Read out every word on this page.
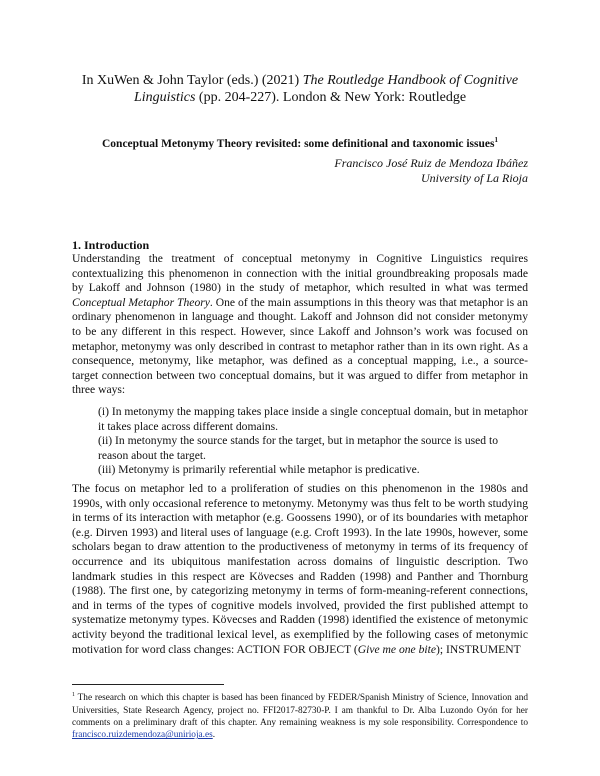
In XuWen & John Taylor (eds.) (2021) The Routledge Handbook of Cognitive Linguistics (pp. 204-227). London & New York: Routledge
Conceptual Metonymy Theory revisited: some definitional and taxonomic issues$^1$
Francisco José Ruiz de Mendoza Ibáñez
University of La Rioja
1. Introduction
Understanding the treatment of conceptual metonymy in Cognitive Linguistics requires contextualizing this phenomenon in connection with the initial groundbreaking proposals made by Lakoff and Johnson (1980) in the study of metaphor, which resulted in what was termed Conceptual Metaphor Theory. One of the main assumptions in this theory was that metaphor is an ordinary phenomenon in language and thought. Lakoff and Johnson did not consider metonymy to be any different in this respect. However, since Lakoff and Johnson’s work was focused on metaphor, metonymy was only described in contrast to metaphor rather than in its own right. As a consequence, metonymy, like metaphor, was defined as a conceptual mapping, i.e., a source-target connection between two conceptual domains, but it was argued to differ from metaphor in three ways:
(i) In metonymy the mapping takes place inside a single conceptual domain, but in metaphor it takes place across different domains.
(ii) In metonymy the source stands for the target, but in metaphor the source is used to reason about the target.
(iii) Metonymy is primarily referential while metaphor is predicative.
The focus on metaphor led to a proliferation of studies on this phenomenon in the 1980s and 1990s, with only occasional reference to metonymy. Metonymy was thus felt to be worth studying in terms of its interaction with metaphor (e.g. Goossens 1990), or of its boundaries with metaphor (e.g. Dirven 1993) and literal uses of language (e.g. Croft 1993). In the late 1990s, however, some scholars began to draw attention to the productiveness of metonymy in terms of its frequency of occurrence and its ubiquitous manifestation across domains of linguistic description. Two landmark studies in this respect are Kövecses and Radden (1998) and Panther and Thornburg (1988). The first one, by categorizing metonymy in terms of form-meaning-referent connections, and in terms of the types of cognitive models involved, provided the first published attempt to systematize metonymy types. Kövecses and Radden (1998) identified the existence of metonymic activity beyond the traditional lexical level, as exemplified by the following cases of metonymic motivation for word class changes: ACTION FOR OBJECT (Give me one bite); INSTRUMENT
$^1$ The research on which this chapter is based has been financed by FEDER/Spanish Ministry of Science, Innovation and Universities, State Research Agency, project no. FFI2017-82730-P. I am thankful to Dr. Alba Luzondo Oyón for her comments on a preliminary draft of this chapter. Any remaining weakness is my sole responsibility. Correspondence to francisco.ruizdemendoza@unirioja.es.
